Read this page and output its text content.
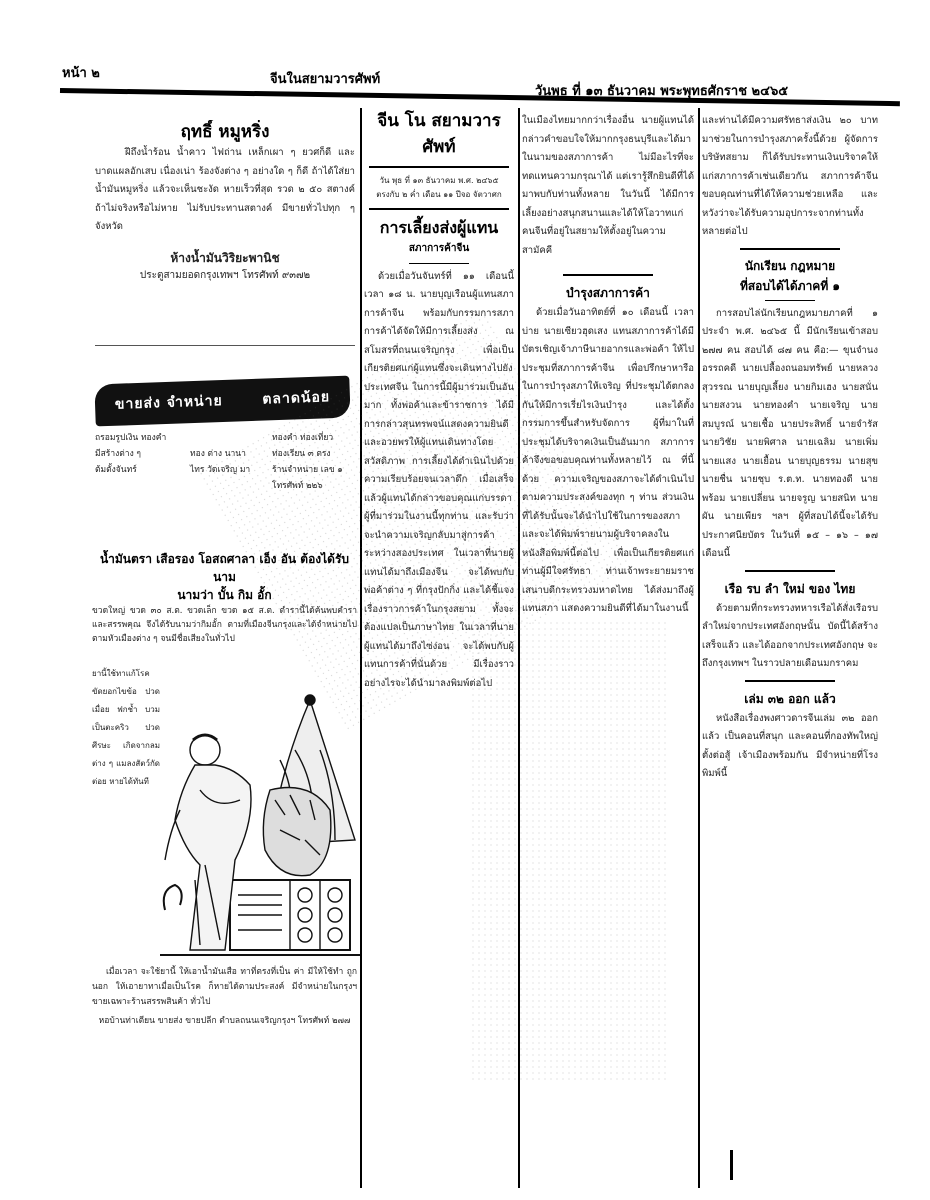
หน้า ๒	จีนในสยามวารศัพท์
วันพุธ ที่ ๑๓ ธันวาคม พระพุทธศักราช ๒๔๖๕
ฤทธิ์ หมูหริ่ง

ฝีถึงน้ำร้อน น้ำคาว ไฟถ่าน เหล็กเผา ๆ ยวศก็ดี และบาดแผลอักเสบ เนื่องเน่า ร้องจังต่าง ๆ อย่างใด ๆ ก็ดี ถ้าได้ใส่ยาน้ำมันหมูหริ่ง แล้วจะเห็นชะงัด หายเร็วที่สุด รวด ๒ ๕๐ สตางค์ ถ้าไม่จริงหรือไม่หาย ไม่รับประทานสตางค์ มีขายทั่วไปทุก ๆ จังหวัด

ห้างน้ำมันวิริยะพานิช
ประตูสามยอดกรุงเทพฯ โทรศัพท์ ๙๓๗๒
ขายส่ง จำหน่าย	ตลาดน้อย
ถรอมรูปเงิน ทองคำ
มีสร้างต่าง ๆ
ต้มตั้งจันทร์
ทอง ต่าง นานา
ไทร วัดเจริญ มา
ทองคำ ท่องเที่ยว
ท่องเรียน ๓ ตรง
ร้านจำหน่าย เลข ๑
โทรศัพท์ ๒๒๖
น้ำมันตรา เสือรอง โอสถศาลา เอ็ง อัน ต้องได้รับนาม
นามว่า บั้น กิม อั้ก

ขวดใหญ่ ขวด ๓๐ ส.ต. ขวดเล็ก ขวด ๑๕ ส.ต. ตำรานี้ได้ค้นพบคำรา และสรรพคุณ จึงได้รับนามว่ากิมอั้ก ตามที่เมืองจีนกรุงและได้จำหน่ายไปตามหัวเมืองต่าง ๆ จนมีชื่อเสียงในทั่วไป

ยานี้ใช้ทาแก้โรค ขัดยอกไขข้อ ปวดเมื่อย ฟกช้ำ บวม เป็นตะคริว ปวดศีรษะ เกิดจากลมต่าง ๆ แมลงสัตว์กัดต่อย หายได้ทันที

เมื่อเวลา จะใช้ยานี้ ให้เอาน้ำมันเสือ ทาที่ตรงที่เป็น ค่า มีให้ใช้ทำ ถูกนอก ให้เอายาทาเมื่อเป็นโรค ก็หายได้ตามประสงค์ มีจำหน่ายในกรุงฯ ขายเฉพาะร้านสรรพสินค้า ทั่วไป

หอบ้านท่าเตียน ขายส่ง ขายปลีก ตำบลถนนเจริญกรุงฯ โทรศัพท์ ๒๗๗

จีน โน สยามวารศัพท์
วัน พุธ ที่ ๑๓ ธันวาคม พ.ศ. ๒๔๖๕
ตรงกับ ๒ ค่ำ เดือน ๑๑ ปีจอ จัตวาศก
การเลี้ยงส่งผู้แทน
สภาการค้าจีน

ด้วยเมื่อวันจันทร์ที่ ๑๑ เดือนนี้ เวลา ๑๘ น. นายบุญเรือนผู้แทนสภาการค้าจีน พร้อมกับกรรมการสภาการค้าได้จัดให้มีการเลี้ยงส่ง ณ สโมสรที่ถนนเจริญกรุง เพื่อเป็นเกียรติยศแก่ผู้แทนซึ่งจะเดินทางไปยังประเทศจีน ในการนี้มีผู้มาร่วมเป็นอันมาก ทั้งพ่อค้าและข้าราชการ ได้มีการกล่าวสุนทรพจน์แสดงความยินดี และอวยพรให้ผู้แทนเดินทางโดยสวัสดิภาพ การเลี้ยงได้ดำเนินไปด้วยความเรียบร้อยจนเวลาดึก เมื่อเสร็จแล้วผู้แทนได้กล่าวขอบคุณแก่บรรดาผู้ที่มาร่วมในงานนี้ทุกท่าน และรับว่าจะนำความเจริญกลับมาสู่การค้าระหว่างสองประเทศ ในเวลาที่นายผู้แทนได้มาถึงเมืองจีน จะได้พบกับพ่อค้าต่าง ๆ ที่กรุงปักกิ่ง และได้ชี้แจงเรื่องราวการค้าในกรุงสยาม ทั้งจะต้องแปลเป็นภาษาไทย ในเวลาที่นายผู้แทนได้มาถึงไซ่ง่อน จะได้พบกับผู้แทนการค้าที่นั่นด้วย มีเรื่องราวอย่างไรจะได้นำมาลงพิมพ์ต่อไป

ในเมืองไทยมากกว่าเรื่องอื่น นายผู้แทนได้กล่าวคำขอบใจให้มากกรุงธนบุรีและได้มาในนามของสภาการค้า ไม่มีอะไรที่จะทดแทนความกรุณาได้ แต่เรารู้สึกยินดีที่ได้มาพบกับท่านทั้งหลาย ในวันนี้ ได้มีการเลี้ยงอย่างสนุกสนานและได้ให้โอวาทแก่คนจีนที่อยู่ในสยามให้ตั้งอยู่ในความสามัคคี

บำรุงสภาการค้า

ด้วยเมื่อวันอาทิตย์ที่ ๑๐ เดือนนี้ เวลาบ่าย นายเซียวฮุดเสง แทนสภาการค้าได้มีบัตรเชิญเจ้าภาษีนายอากรและพ่อค้า ให้ไปประชุมที่สภาการค้าจีน เพื่อปรึกษาหารือในการบำรุงสภาให้เจริญ ที่ประชุมได้ตกลงกันให้มีการเรี่ยไรเงินบำรุง และได้ตั้งกรรมการขึ้นสำหรับจัดการ ผู้ที่มาในที่ประชุมได้บริจาคเงินเป็นอันมาก สภาการค้าจึงขอขอบคุณท่านทั้งหลายไว้ ณ ที่นี้ด้วย ความเจริญของสภาจะได้ดำเนินไปตามความประสงค์ของทุก ๆ ท่าน ส่วนเงินที่ได้รับนั้นจะได้นำไปใช้ในการของสภา และจะได้พิมพ์รายนามผู้บริจาคลงในหนังสือพิมพ์นี้ต่อไป เพื่อเป็นเกียรติยศแก่ท่านผู้มีใจศรัทธา ท่านเจ้าพระยายมราช เสนาบดีกระทรวงมหาดไทย ได้ส่งมาถึงผู้แทนสภา แสดงความยินดีที่ได้มาในงานนี้

และท่านได้มีความศรัทธาส่งเงิน ๒๐ บาท มาช่วยในการบำรุงสภาครั้งนี้ด้วย ผู้จัดการบริษัทสยาม ก็ได้รับประทานเงินบริจาคให้แก่สภาการค้าเช่นเดียวกัน สภาการค้าจีนขอบคุณท่านที่ได้ให้ความช่วยเหลือ และหวังว่าจะได้รับความอุปการะจากท่านทั้งหลายต่อไป

นักเรียน กฎหมาย
ที่สอบได้ได้ภาคที่ ๑

การสอบไล่นักเรียนกฎหมายภาคที่ ๑ ประจำ พ.ศ. ๒๔๖๕ นี้ มีนักเรียนเข้าสอบ ๒๗๗ คน สอบได้ ๘๗ คน คือ:— ขุนจำนงอรรถคดี นายเปลื้องถนอมทรัพย์ นายหลวงสุวรรณ นายบุญเลี้ยง นายกิมเฮง นายสนั่น นายสงวน นายทองคำ นายเจริญ นายสมบูรณ์ นายเชื้อ นายประสิทธิ์ นายจำรัส นายวิชัย นายพิศาล นายเฉลิม นายเพิ่ม นายแสง นายเยื้อน นายบุญธรรม นายสุข นายชื่น นายชุบ ร.ต.ท. นายทองดี นายพร้อม นายเปลี่ยน นายจรูญ นายสนิท นายผัน นายเพียร ฯลฯ ผู้ที่สอบได้นี้จะได้รับประกาศนียบัตร ในวันที่ ๑๕ – ๑๖ – ๑๗ เดือนนี้

เรือ รบ ลำ ใหม่ ของ ไทย

ด้วยตามที่กระทรวงทหารเรือได้สั่งเรือรบลำใหม่จากประเทศอังกฤษนั้น บัดนี้ได้สร้างเสร็จแล้ว และได้ออกจากประเทศอังกฤษ จะถึงกรุงเทพฯ ในราวปลายเดือนมกราคม

เล่ม ๓๒ ออก แล้ว

หนังสือเรื่องพงศาวดารจีนเล่ม ๓๒ ออกแล้ว เป็นคอนที่สนุก และคอนที่กองทัพใหญ่ตั้งต่อสู้ เจ้าเมืองพร้อมกัน มีจำหน่ายที่โรงพิมพ์นี้
